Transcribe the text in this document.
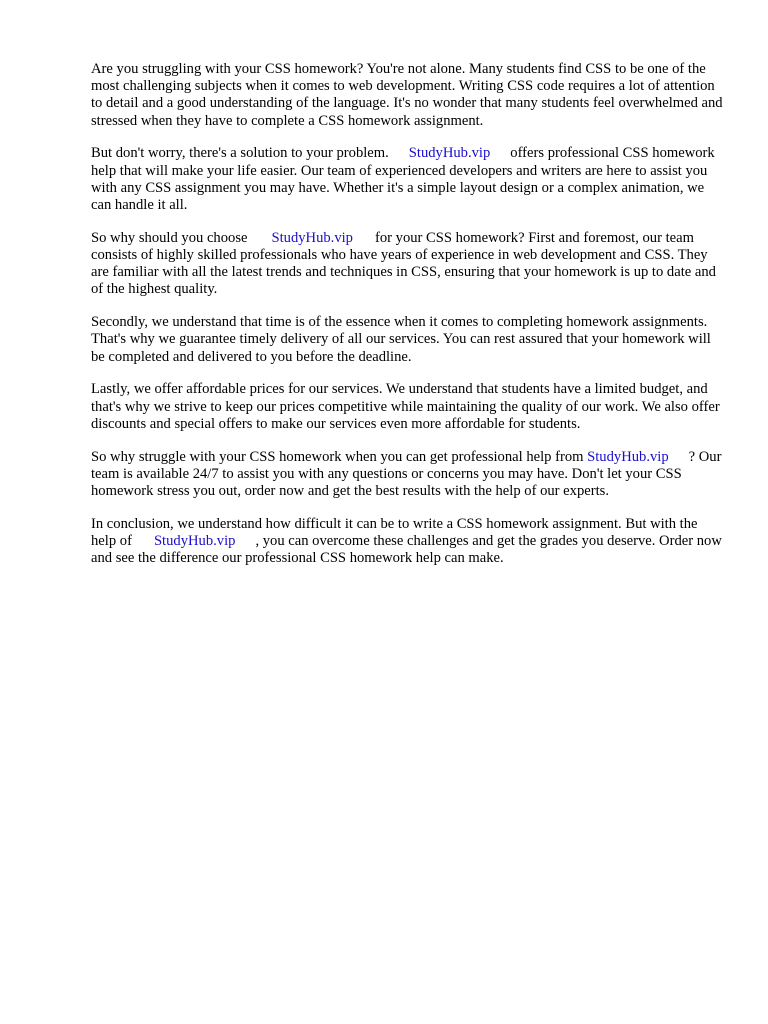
Are you struggling with your CSS homework? You're not alone. Many students find CSS to be one of the most challenging subjects when it comes to web development. Writing CSS code requires a lot of attention to detail and a good understanding of the language. It's no wonder that many students feel overwhelmed and stressed when they have to complete a CSS homework assignment.

But don't worry, there's a solution to your problem. StudyHub.vip offers professional CSS homework help that will make your life easier. Our team of experienced developers and writers are here to assist you with any CSS assignment you may have. Whether it's a simple layout design or a complex animation, we can handle it all.

So why should you choose StudyHub.vip for your CSS homework? First and foremost, our team consists of highly skilled professionals who have years of experience in web development and CSS. They are familiar with all the latest trends and techniques in CSS, ensuring that your homework is up to date and of the highest quality.

Secondly, we understand that time is of the essence when it comes to completing homework assignments. That's why we guarantee timely delivery of all our services. You can rest assured that your homework will be completed and delivered to you before the deadline.

Lastly, we offer affordable prices for our services. We understand that students have a limited budget, and that's why we strive to keep our prices competitive while maintaining the quality of our work. We also offer discounts and special offers to make our services even more affordable for students.

So why struggle with your CSS homework when you can get professional help from StudyHub.vip ? Our team is available 24/7 to assist you with any questions or concerns you may have. Don't let your CSS homework stress you out, order now and get the best results with the help of our experts.

In conclusion, we understand how difficult it can be to write a CSS homework assignment. But with the help of StudyHub.vip , you can overcome these challenges and get the grades you deserve. Order now and see the difference our professional CSS homework help can make.
